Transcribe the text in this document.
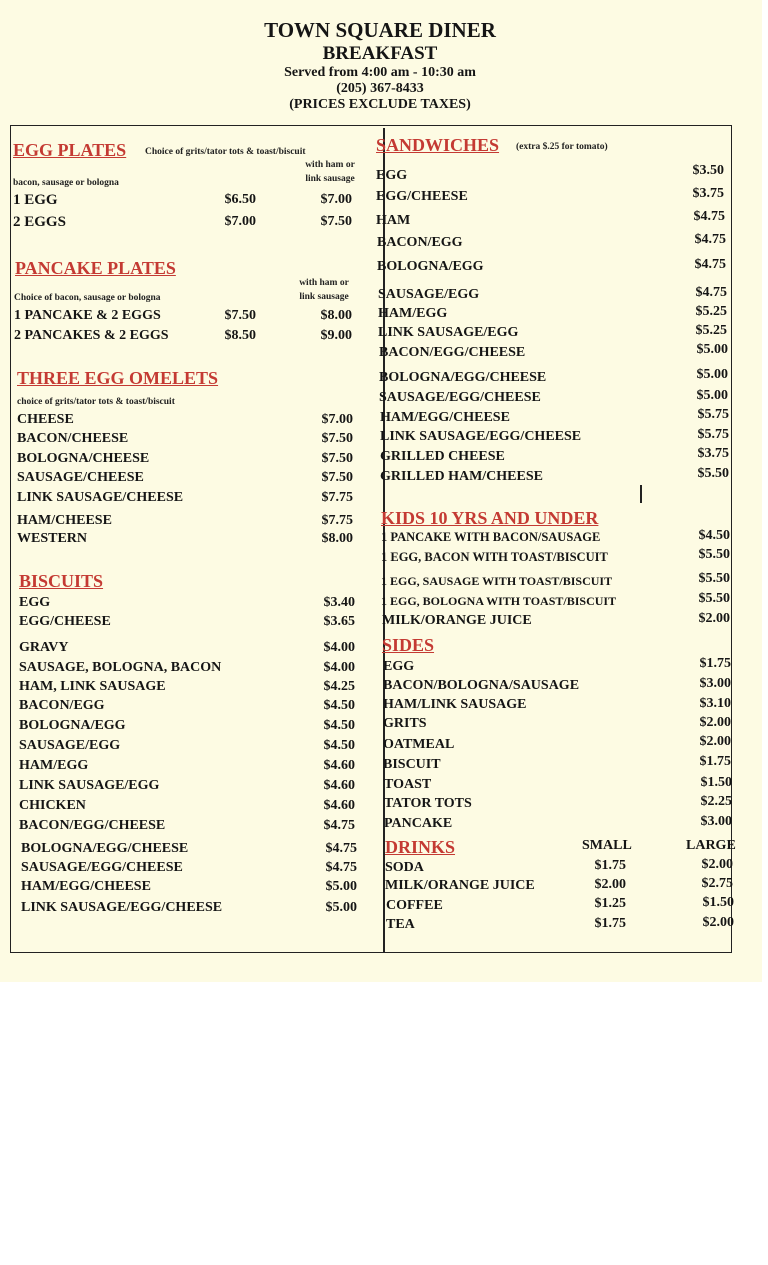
TOWN SQUARE DINER
BREAKFAST
Served from 4:00 am - 10:30 am
(205) 367-8433
(PRICES EXCLUDE TAXES)
EGG PLATES Choice of grits/tator tots & toast/biscuit
with ham or link sausage
bacon, sausage or bologna
1 EGG	$6.50	$7.00
2 EGGS	$7.00	$7.50
PANCAKE PLATES
with ham or link sausage
Choice of bacon, sausage or bologna
1 PANCAKE & 2 EGGS	$7.50	$8.00
2 PANCAKES & 2 EGGS	$8.50	$9.00
THREE EGG OMELETS
choice of grits/tator tots & toast/biscuit
CHEESE	$7.00
BACON/CHEESE	$7.50
BOLOGNA/CHEESE	$7.50
SAUSAGE/CHEESE	$7.50
LINK SAUSAGE/CHEESE	$7.75
HAM/CHEESE	$7.75
WESTERN	$8.00
BISCUITS
EGG	$3.40
EGG/CHEESE	$3.65
GRAVY	$4.00
SAUSAGE, BOLOGNA, BACON	$4.00
HAM, LINK SAUSAGE	$4.25
BACON/EGG	$4.50
BOLOGNA/EGG	$4.50
SAUSAGE/EGG	$4.50
HAM/EGG	$4.60
LINK SAUSAGE/EGG	$4.60
CHICKEN	$4.60
BACON/EGG/CHEESE	$4.75
BOLOGNA/EGG/CHEESE	$4.75
SAUSAGE/EGG/CHEESE	$4.75
HAM/EGG/CHEESE	$5.00
LINK SAUSAGE/EGG/CHEESE	$5.00
SANDWICHES (extra $.25 for tomato)
EGG	$3.50
EGG/CHEESE	$3.75
HAM	$4.75
BACON/EGG	$4.75
BOLOGNA/EGG	$4.75
SAUSAGE/EGG	$4.75
HAM/EGG	$5.25
LINK SAUSAGE/EGG	$5.25
BACON/EGG/CHEESE	$5.00
BOLOGNA/EGG/CHEESE	$5.00
SAUSAGE/EGG/CHEESE	$5.00
HAM/EGG/CHEESE	$5.75
LINK SAUSAGE/EGG/CHEESE	$5.75
GRILLED CHEESE	$3.75
GRILLED HAM/CHEESE	$5.50
KIDS 10 YRS AND UNDER
1 PANCAKE WITH BACON/SAUSAGE	$4.50
1 EGG, BACON WITH TOAST/BISCUIT	$5.50
1 EGG, SAUSAGE WITH TOAST/BISCUIT	$5.50
1 EGG, BOLOGNA WITH TOAST/BISCUIT	$5.50
MILK/ORANGE JUICE	$2.00
SIDES
EGG	$1.75
BACON/BOLOGNA/SAUSAGE	$3.00
HAM/LINK SAUSAGE	$3.10
GRITS	$2.00
OATMEAL	$2.00
BISCUIT	$1.75
TOAST	$1.50
TATOR TOTS	$2.25
PANCAKE	$3.00
DRINKS	SMALL	LARGE
SODA	$1.75	$2.00
MILK/ORANGE JUICE	$2.00	$2.75
COFFEE	$1.25	$1.50
TEA	$1.75	$2.00
